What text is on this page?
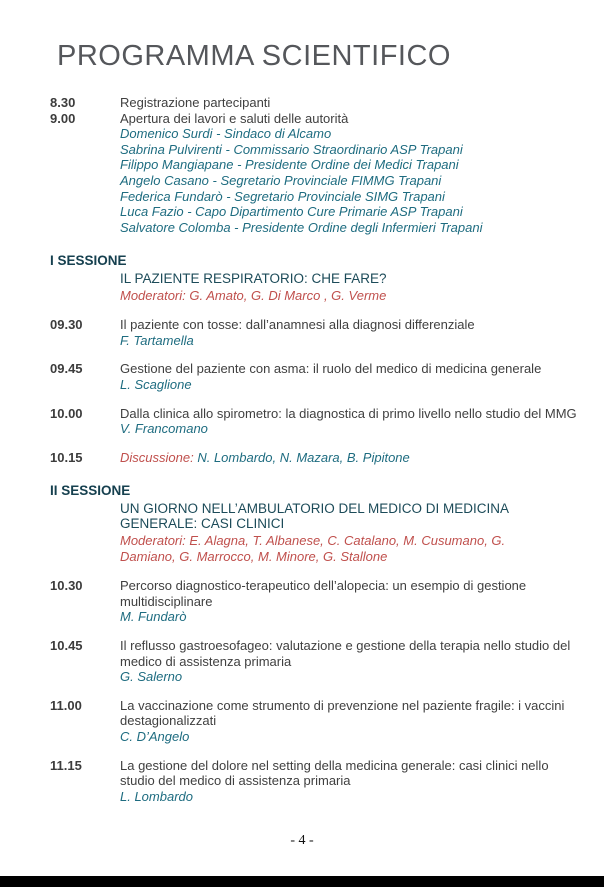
PROGRAMMA SCIENTIFICO
8.30	Registrazione partecipanti
9.00	Apertura dei lavori e saluti delle autorità
Domenico Surdi - Sindaco di Alcamo
Sabrina Pulvirenti - Commissario Straordinario ASP Trapani
Filippo Mangiapane - Presidente Ordine dei Medici Trapani
Angelo Casano - Segretario Provinciale FIMMG Trapani
Federica Fundarò - Segretario Provinciale SIMG Trapani
Luca Fazio - Capo Dipartimento Cure Primarie ASP Trapani
Salvatore Colomba - Presidente Ordine degli Infermieri Trapani
I SESSIONE
IL PAZIENTE RESPIRATORIO: CHE FARE?
Moderatori: G. Amato, G. Di Marco , G. Verme
09.30	Il paziente con tosse: dall’anamnesi alla diagnosi differenziale
F. Tartamella
09.45	Gestione del paziente con asma: il ruolo del medico di medicina generale
L. Scaglione
10.00	Dalla clinica allo spirometro: la diagnostica di primo livello nello studio del MMG
V. Francomano
10.15	Discussione: N. Lombardo, N. Mazara, B. Pipitone
II SESSIONE
UN GIORNO NELL’AMBULATORIO DEL MEDICO DI MEDICINA GENERALE: CASI CLINICI
Moderatori: E. Alagna, T. Albanese, C. Catalano, M. Cusumano, G. Damiano, G. Marrocco, M. Minore, G. Stallone
10.30	Percorso diagnostico-terapeutico dell’alopecia: un esempio di gestione multidisciplinare
M. Fundarò
10.45	Il reflusso gastroesofageo: valutazione e gestione della terapia nello studio del medico di assistenza primaria
G. Salerno
11.00	La vaccinazione come strumento di prevenzione nel paziente fragile: i vaccini destagionalizzati
C. D’Angelo
11.15	La gestione del dolore nel setting della medicina generale: casi clinici nello studio del medico di assistenza primaria
L. Lombardo
- 4 -
